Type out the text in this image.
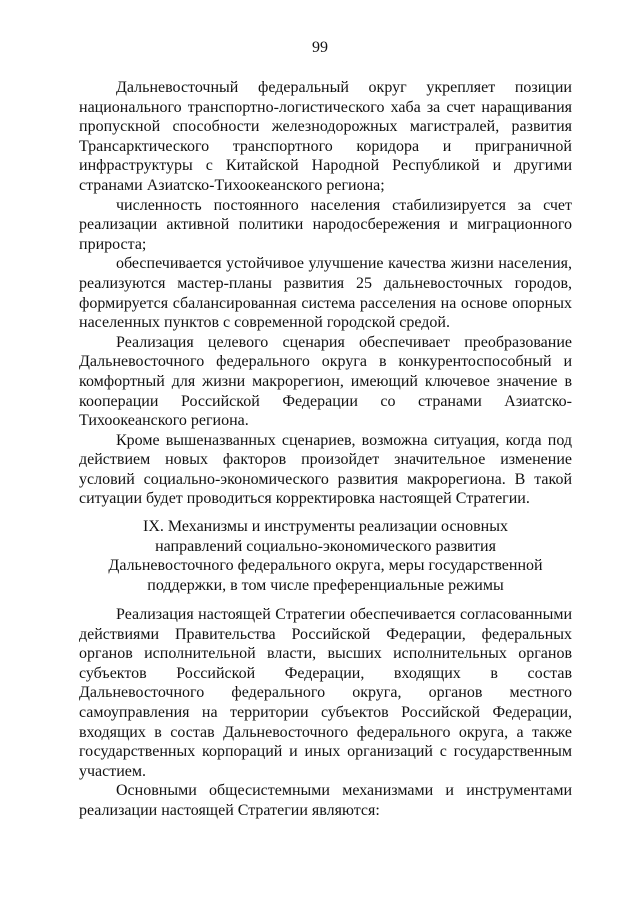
99

Дальневосточный федеральный округ укрепляет позиции национального транспортно-логистического хаба за счет наращивания пропускной способности железнодорожных магистралей, развития Трансарктического транспортного коридора и приграничной инфраструктуры с Китайской Народной Республикой и другими странами Азиатско-Тихоокеанского региона;

численность постоянного населения стабилизируется за счет реализации активной политики народосбережения и миграционного прироста;

обеспечивается устойчивое улучшение качества жизни населения, реализуются мастер-планы развития 25 дальневосточных городов, формируется сбалансированная система расселения на основе опорных населенных пунктов с современной городской средой.

Реализация целевого сценария обеспечивает преобразование Дальневосточного федерального округа в конкурентоспособный и комфортный для жизни макрорегион, имеющий ключевое значение в кооперации Российской Федерации со странами Азиатско-Тихоокеанского региона.

Кроме вышеназванных сценариев, возможна ситуация, когда под действием новых факторов произойдет значительное изменение условий социально-экономического развития макрорегиона. В такой ситуации будет проводиться корректировка настоящей Стратегии.

IX. Механизмы и инструменты реализации основных
направлений социально-экономического развития
Дальневосточного федерального округа, меры государственной
поддержки, в том числе преференциальные режимы

Реализация настоящей Стратегии обеспечивается согласованными действиями Правительства Российской Федерации, федеральных органов исполнительной власти, высших исполнительных органов субъектов Российской Федерации, входящих в состав Дальневосточного федерального округа, органов местного самоуправления на территории субъектов Российской Федерации, входящих в состав Дальневосточного федерального округа, а также государственных корпораций и иных организаций с государственным участием.

Основными общесистемными механизмами и инструментами реализации настоящей Стратегии являются:
